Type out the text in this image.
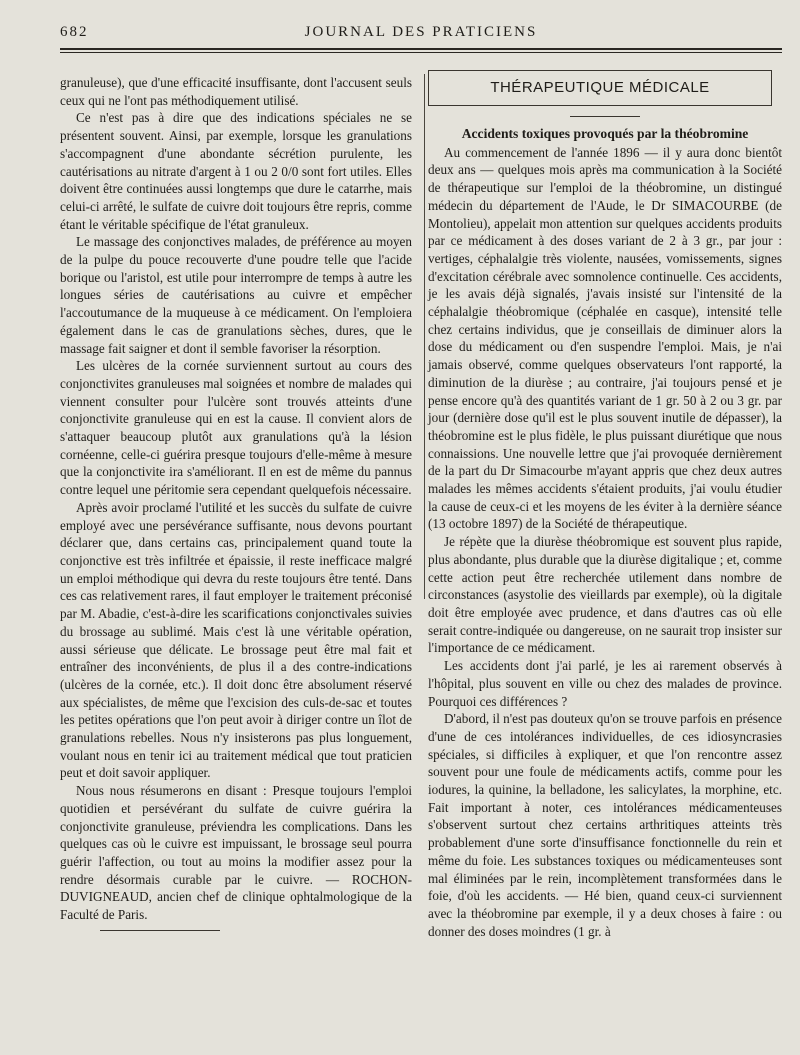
682	JOURNAL DES PRATICIENS

granuleuse), que d'une efficacité insuffisante, dont l'accusent seuls ceux qui ne l'ont pas méthodiquement utilisé.

Ce n'est pas à dire que des indications spéciales ne se présentent souvent. Ainsi, par exemple, lorsque les granulations s'accompagnent d'une abondante sécrétion purulente, les cautérisations au nitrate d'argent à 1 ou 2 0/0 sont fort utiles. Elles doivent être continuées aussi longtemps que dure le catarrhe, mais celui-ci arrêté, le sulfate de cuivre doit toujours être repris, comme étant le véritable spécifique de l'état granuleux.

Le massage des conjonctives malades, de préférence au moyen de la pulpe du pouce recouverte d'une poudre telle que l'acide borique ou l'aristol, est utile pour interrompre de temps à autre les longues séries de cautérisations au cuivre et empêcher l'accoutumance de la muqueuse à ce médicament. On l'emploiera également dans le cas de granulations sèches, dures, que le massage fait saigner et dont il semble favoriser la résorption.

Les ulcères de la cornée surviennent surtout au cours des conjonctivites granuleuses mal soignées et nombre de malades qui viennent consulter pour l'ulcère sont trouvés atteints d'une conjonctivite granuleuse qui en est la cause. Il convient alors de s'attaquer beaucoup plutôt aux granulations qu'à la lésion cornéenne, celle-ci guérira presque toujours d'elle-même à mesure que la conjonctivite ira s'améliorant. Il en est de même du pannus contre lequel une péritomie sera cependant quelquefois nécessaire.

Après avoir proclamé l'utilité et les succès du sulfate de cuivre employé avec une persévérance suffisante, nous devons pourtant déclarer que, dans certains cas, principalement quand toute la conjonctive est très infiltrée et épaissie, il reste inefficace malgré un emploi méthodique qui devra du reste toujours être tenté. Dans ces cas relativement rares, il faut employer le traitement préconisé par M. Abadie, c'est-à-dire les scarifications conjonctivales suivies du brossage au sublimé. Mais c'est là une véritable opération, aussi sérieuse que délicate. Le brossage peut être mal fait et entraîner des inconvénients, de plus il a des contre-indications (ulcères de la cornée, etc.). Il doit donc être absolument réservé aux spécialistes, de même que l'excision des culs-de-sac et toutes les petites opérations que l'on peut avoir à diriger contre un îlot de granulations rebelles. Nous n'y insisterons pas plus longuement, voulant nous en tenir ici au traitement médical que tout praticien peut et doit savoir appliquer.

Nous nous résumerons en disant : Presque toujours l'emploi quotidien et persévérant du sulfate de cuivre guérira la conjonctivite granuleuse, préviendra les complications. Dans les quelques cas où le cuivre est impuissant, le brossage seul pourra guérir l'affection, ou tout au moins la modifier assez pour la rendre désormais curable par le cuivre. — ROCHON-DUVIGNEAUD, ancien chef de clinique ophtalmologique de la Faculté de Paris.

THÉRAPEUTIQUE MÉDICALE
Accidents toxiques provoqués par la théobromine

Au commencement de l'année 1896 — il y aura donc bientôt deux ans — quelques mois après ma communication à la Société de thérapeutique sur l'emploi de la théobromine, un distingué médecin du département de l'Aude, le Dr SIMACOURBE (de Montolieu), appelait mon attention sur quelques accidents produits par ce médicament à des doses variant de 2 à 3 gr., par jour : vertiges, céphalalgie très violente, nausées, vomissements, signes d'excitation cérébrale avec somnolence continuelle. Ces accidents, je les avais déjà signalés, j'avais insisté sur l'intensité de la céphalalgie théobromique (céphalée en casque), intensité telle chez certains individus, que je conseillais de diminuer alors la dose du médicament ou d'en suspendre l'emploi. Mais, je n'ai jamais observé, comme quelques observateurs l'ont rapporté, la diminution de la diurèse ; au contraire, j'ai toujours pensé et je pense encore qu'à des quantités variant de 1 gr. 50 à 2 ou 3 gr. par jour (dernière dose qu'il est le plus souvent inutile de dépasser), la théobromine est le plus fidèle, le plus puissant diurétique que nous connaissions. Une nouvelle lettre que j'ai provoquée dernièrement de la part du Dr Simacourbe m'ayant appris que chez deux autres malades les mêmes accidents s'étaient produits, j'ai voulu étudier la cause de ceux-ci et les moyens de les éviter à la dernière séance (13 octobre 1897) de la Société de thérapeutique.

Je répète que la diurèse théobromique est souvent plus rapide, plus abondante, plus durable que la diurèse digitalique ; et, comme cette action peut être recherchée utilement dans nombre de circonstances (asystolie des vieillards par exemple), où la digitale doit être employée avec prudence, et dans d'autres cas où elle serait contre-indiquée ou dangereuse, on ne saurait trop insister sur l'importance de ce médicament.

Les accidents dont j'ai parlé, je les ai rarement observés à l'hôpital, plus souvent en ville ou chez des malades de province. Pourquoi ces différences ?

D'abord, il n'est pas douteux qu'on se trouve parfois en présence d'une de ces intolérances individuelles, de ces idiosyncrasies spéciales, si difficiles à expliquer, et que l'on rencontre assez souvent pour une foule de médicaments actifs, comme pour les iodures, la quinine, la belladone, les salicylates, la morphine, etc. Fait important à noter, ces intolérances médicamenteuses s'observent surtout chez certains arthritiques atteints très probablement d'une sorte d'insuffisance fonctionnelle du rein et même du foie. Les substances toxiques ou médicamenteuses sont mal éliminées par le rein, incomplètement transformées dans le foie, d'où les accidents. — Hé bien, quand ceux-ci surviennent avec la théobromine par exemple, il y a deux choses à faire : ou donner des doses moindres (1 gr. à
